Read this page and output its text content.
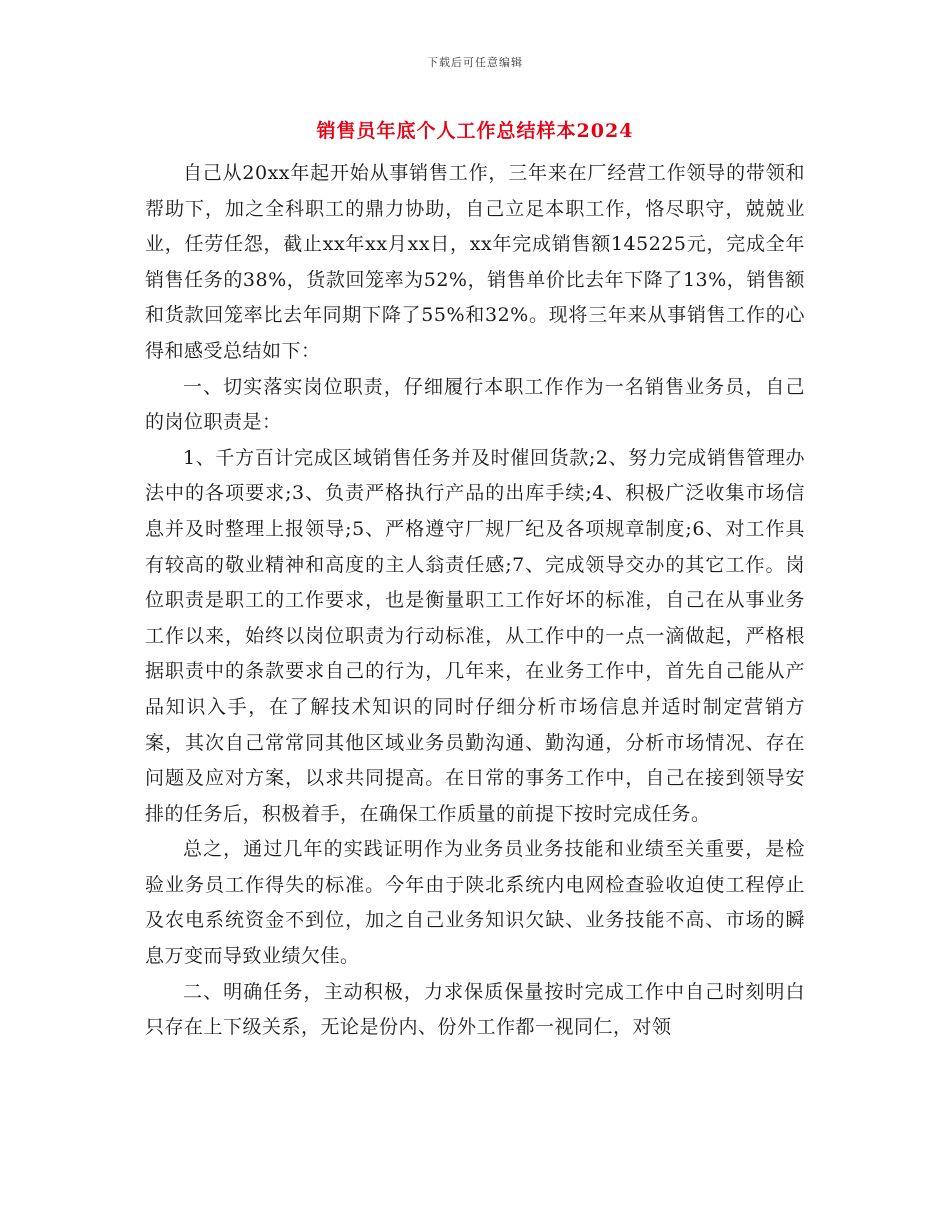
下载后可任意编辑
销售员年底个人工作总结样本2024

自己从20xx年起开始从事销售工作，三年来在厂经营工作领导的带领和帮助下，加之全科职工的鼎力协助，自己立足本职工作，恪尽职守，兢兢业业，任劳任怨，截止xx年xx月xx日，xx年完成销售额145225元，完成全年销售任务的38%，货款回笼率为52%，销售单价比去年下降了13%，销售额和货款回笼率比去年同期下降了55%和32%。现将三年来从事销售工作的心得和感受总结如下：

一、切实落实岗位职责，仔细履行本职工作作为一名销售业务员，自己的岗位职责是：

1、千方百计完成区域销售任务并及时催回货款;2、努力完成销售管理办法中的各项要求;3、负责严格执行产品的出库手续;4、积极广泛收集市场信息并及时整理上报领导;5、严格遵守厂规厂纪及各项规章制度;6、对工作具有较高的敬业精神和高度的主人翁责任感;7、完成领导交办的其它工作。岗位职责是职工的工作要求，也是衡量职工工作好坏的标准，自己在从事业务工作以来，始终以岗位职责为行动标准，从工作中的一点一滴做起，严格根据职责中的条款要求自己的行为，几年来，在业务工作中，首先自己能从产品知识入手，在了解技术知识的同时仔细分析市场信息并适时制定营销方案，其次自己常常同其他区域业务员勤沟通、勤沟通，分析市场情况、存在问题及应对方案，以求共同提高。在日常的事务工作中，自己在接到领导安排的任务后，积极着手，在确保工作质量的前提下按时完成任务。

总之，通过几年的实践证明作为业务员业务技能和业绩至关重要，是检验业务员工作得失的标准。今年由于陕北系统内电网检查验收迫使工程停止及农电系统资金不到位，加之自己业务知识欠缺、业务技能不高、市场的瞬息万变而导致业绩欠佳。

二、明确任务，主动积极，力求保质保量按时完成工作中自己时刻明白只存在上下级关系，无论是份内、份外工作都一视同仁，对领
